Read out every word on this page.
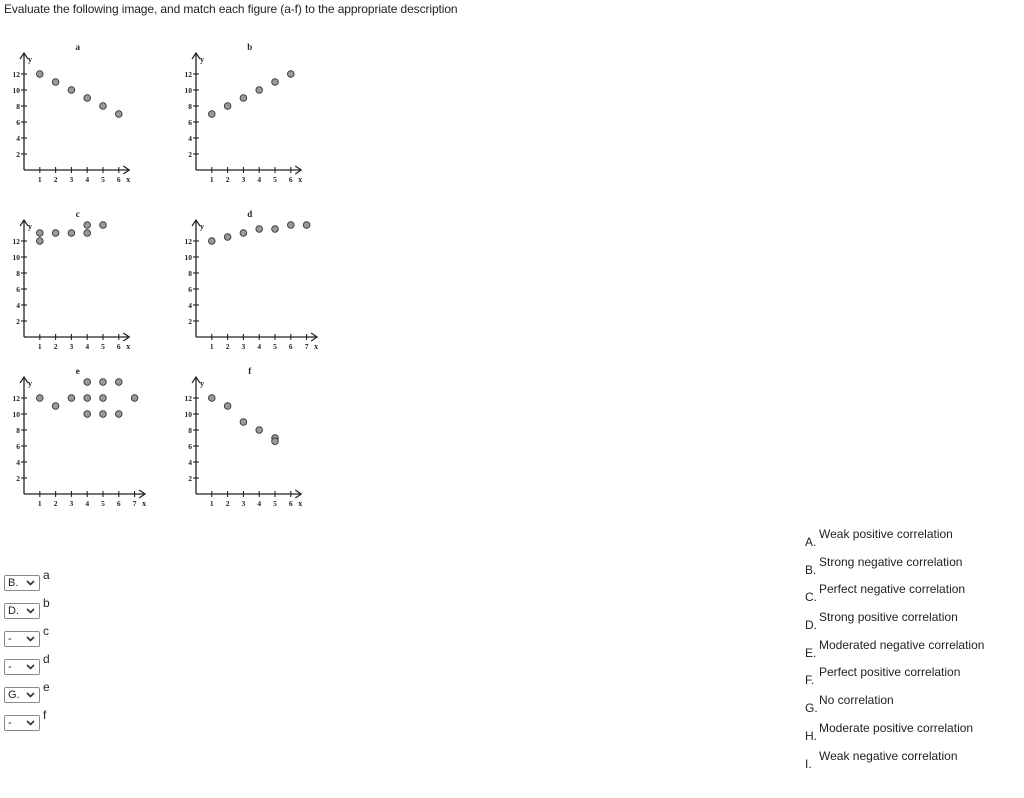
Evaluate the following image, and match each figure (a-f) to the appropriate description
a
y
x
2
4
6
8
10
12
1 2 3 4 5 6
b
y
x
2
4
6
8
10
12
1 2 3 4 5 6
c
y
x
2
4
6
8
10
12
1 2 3 4 5 6
d
y
x
2
4
6
8
10
12
1 2 3 4 5 6 7
e
y
x
2
4
6
8
10
12
1 2 3 4 5 6 7
f
y
x
2
4
6
8
10
12
1 2 3 4 5 6
B.
a
D.
b
-
c
-
d
G.
e
-
f
A.
Weak positive correlation
B.
Strong negative correlation
C.
Perfect negative correlation
D.
Strong positive correlation
E.
Moderated negative correlation
F.
Perfect positive correlation
G.
No correlation
H.
Moderate positive correlation
I.
Weak negative correlation
